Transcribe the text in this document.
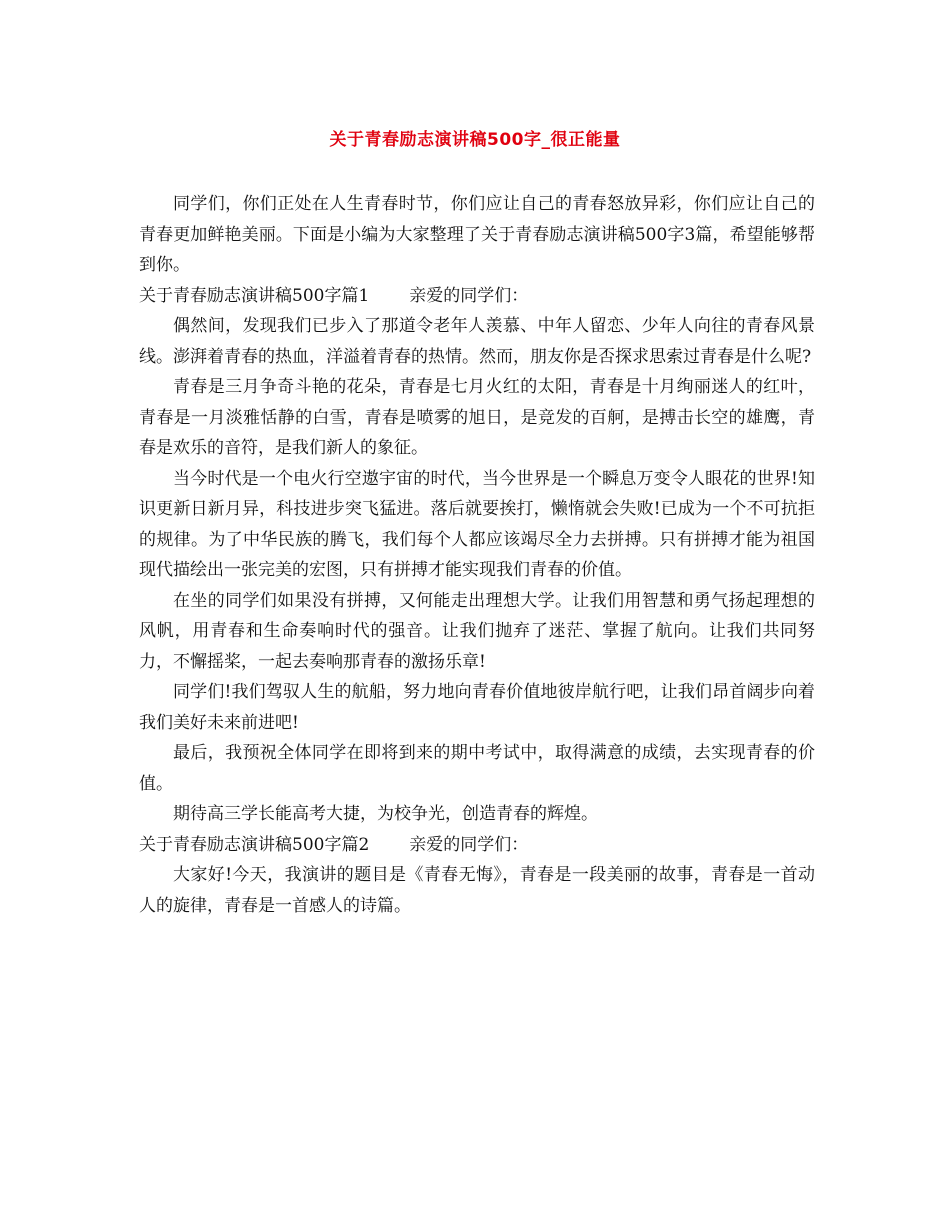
关于青春励志演讲稿500字_很正能量

同学们，你们正处在人生青春时节，你们应让自己的青春怒放异彩，你们应让自己的青春更加鲜艳美丽。下面是小编为大家整理了关于青春励志演讲稿500字3篇，希望能够帮到你。

关于青春励志演讲稿500字篇1 亲爱的同学们：

偶然间，发现我们已步入了那道令老年人羡慕、中年人留恋、少年人向往的青春风景线。澎湃着青春的热血，洋溢着青春的热情。然而，朋友你是否探求思索过青春是什么呢?

青春是三月争奇斗艳的花朵，青春是七月火红的太阳，青春是十月绚丽迷人的红叶，青春是一月淡雅恬静的白雪，青春是喷雾的旭日，是竞发的百舸，是搏击长空的雄鹰，青春是欢乐的音符，是我们新人的象征。

当今时代是一个电火行空遨宇宙的时代，当今世界是一个瞬息万变令人眼花的世界!知识更新日新月异，科技进步突飞猛进。落后就要挨打，懒惰就会失败!已成为一个不可抗拒的规律。为了中华民族的腾飞，我们每个人都应该竭尽全力去拼搏。只有拼搏才能为祖国现代描绘出一张完美的宏图，只有拼搏才能实现我们青春的价值。

在坐的同学们如果没有拼搏，又何能走出理想大学。让我们用智慧和勇气扬起理想的风帆，用青春和生命奏响时代的强音。让我们抛弃了迷茫、掌握了航向。让我们共同努力，不懈摇桨，一起去奏响那青春的激扬乐章!

同学们!我们驾驭人生的航船，努力地向青春价值地彼岸航行吧，让我们昂首阔步向着我们美好未来前进吧!

最后，我预祝全体同学在即将到来的期中考试中，取得满意的成绩，去实现青春的价值。

期待高三学长能高考大捷，为校争光，创造青春的辉煌。

关于青春励志演讲稿500字篇2 亲爱的同学们：

大家好!今天，我演讲的题目是《青春无悔》，青春是一段美丽的故事，青春是一首动人的旋律，青春是一首感人的诗篇。
